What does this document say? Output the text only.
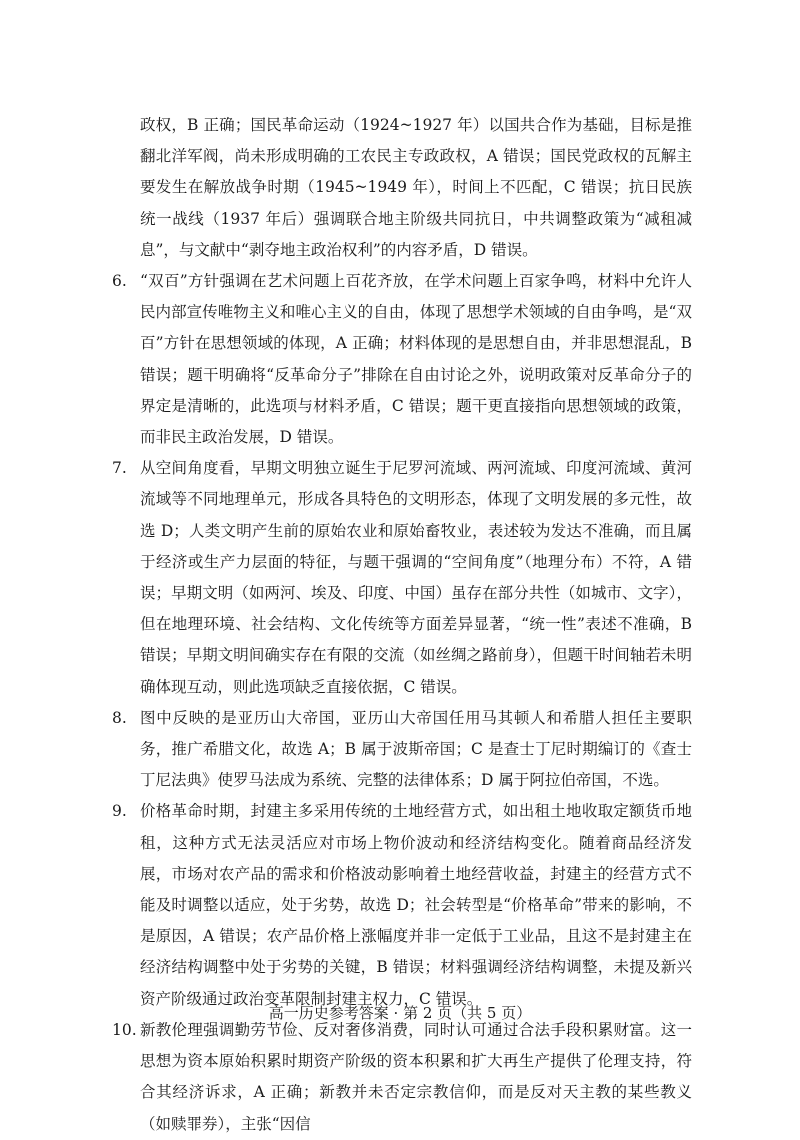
政权，B 正确；国民革命运动（1924~1927 年）以国共合作为基础，目标是推翻北洋军阀，尚未形成明确的工农民主专政政权，A 错误；国民党政权的瓦解主要发生在解放战争时期（1945~1949 年），时间上不匹配，C 错误；抗日民族统一战线（1937 年后）强调联合地主阶级共同抗日，中共调整政策为“减租减息”，与文献中“剥夺地主政治权利”的内容矛盾，D 错误。

6. “双百”方针强调在艺术问题上百花齐放，在学术问题上百家争鸣，材料中允许人民内部宣传唯物主义和唯心主义的自由，体现了思想学术领域的自由争鸣，是“双百”方针在思想领域的体现，A 正确；材料体现的是思想自由，并非思想混乱，B 错误；题干明确将“反革命分子”排除在自由讨论之外，说明政策对反革命分子的界定是清晰的，此选项与材料矛盾，C 错误；题干更直接指向思想领域的政策，而非民主政治发展，D 错误。

7. 从空间角度看，早期文明独立诞生于尼罗河流域、两河流域、印度河流域、黄河流域等不同地理单元，形成各具特色的文明形态，体现了文明发展的多元性，故选 D；人类文明产生前的原始农业和原始畜牧业，表述较为发达不准确，而且属于经济或生产力层面的特征，与题干强调的“空间角度”（地理分布）不符，A 错误；早期文明（如两河、埃及、印度、中国）虽存在部分共性（如城市、文字），但在地理环境、社会结构、文化传统等方面差异显著，“统一性”表述不准确，B 错误；早期文明间确实存在有限的交流（如丝绸之路前身），但题干时间轴若未明确体现互动，则此选项缺乏直接依据，C 错误。

8. 图中反映的是亚历山大帝国，亚历山大帝国任用马其顿人和希腊人担任主要职务，推广希腊文化，故选 A；B 属于波斯帝国；C 是查士丁尼时期编订的《查士丁尼法典》使罗马法成为系统、完整的法律体系；D 属于阿拉伯帝国，不选。

9. 价格革命时期，封建主多采用传统的土地经营方式，如出租土地收取定额货币地租，这种方式无法灵活应对市场上物价波动和经济结构变化。随着商品经济发展，市场对农产品的需求和价格波动影响着土地经营收益，封建主的经营方式不能及时调整以适应，处于劣势，故选 D；社会转型是“价格革命”带来的影响，不是原因，A 错误；农产品价格上涨幅度并非一定低于工业品，且这不是封建主在经济结构调整中处于劣势的关键，B 错误；材料强调经济结构调整，未提及新兴资产阶级通过政治变革限制封建主权力，C 错误。

10. 新教伦理强调勤劳节俭、反对奢侈消费，同时认可通过合法手段积累财富。这一思想为资本原始积累时期资产阶级的资本积累和扩大再生产提供了伦理支持，符合其经济诉求，A 正确；新教并未否定宗教信仰，而是反对天主教的某些教义（如赎罪券），主张“因信

高一历史参考答案 · 第 2 页（共 5 页）
